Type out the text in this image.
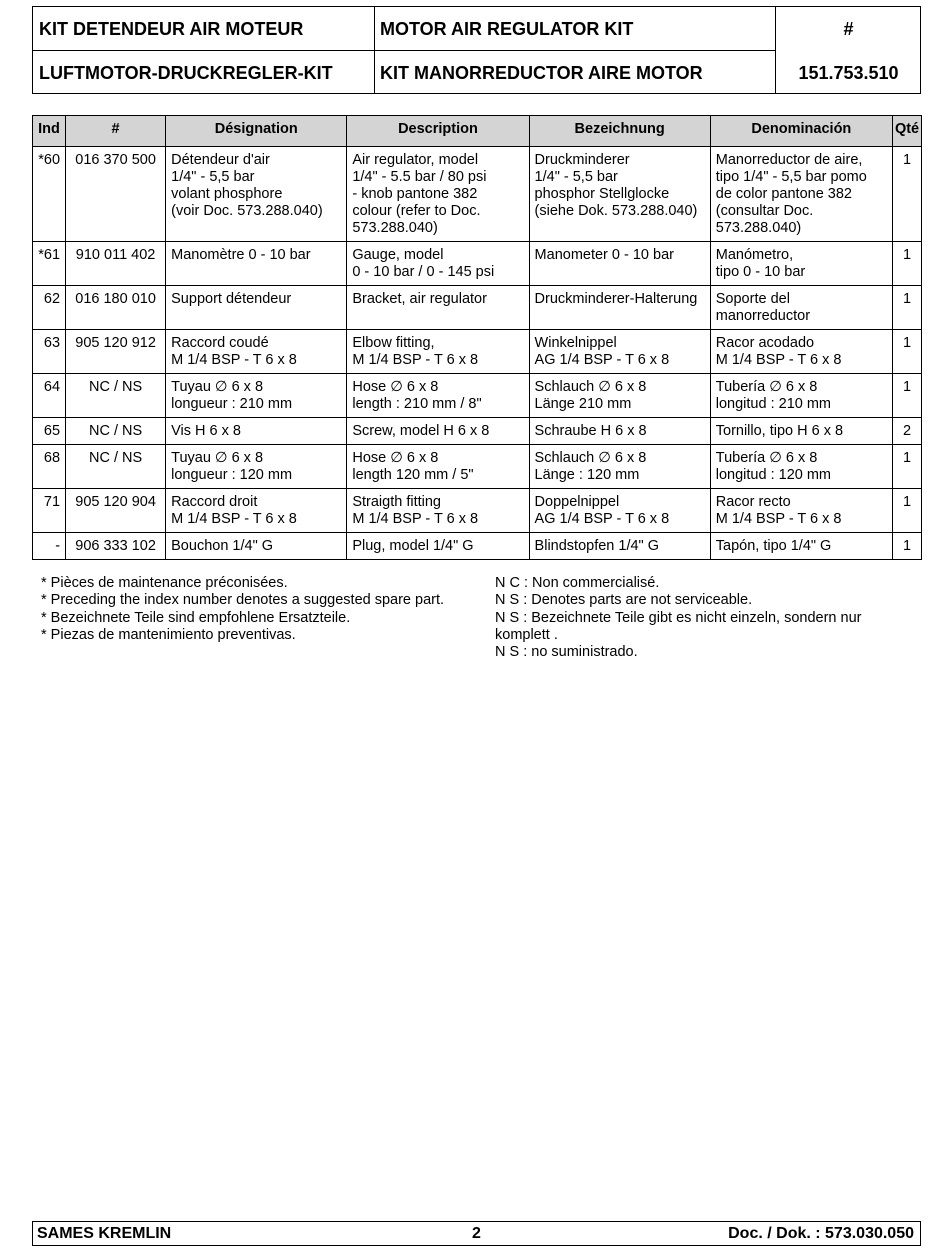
KIT DETENDEUR AIR MOTEUR	MOTOR AIR REGULATOR KIT	#
LUFTMOTOR-DRUCKREGLER-KIT	KIT MANORREDUCTOR AIRE MOTOR	151.753.510
Ind	#	Désignation	Description	Bezeichnung	Denominación	Qté
*60	016 370 500	Détendeur d'air
1/4" - 5,5 bar
volant phosphore
(voir Doc. 573.288.040)	Air regulator, model
1/4" - 5.5 bar / 80 psi
- knob pantone 382
colour (refer to Doc.
573.288.040)	Druckminderer
1/4" - 5,5 bar
phosphor Stellglocke
(siehe Dok. 573.288.040)	Manorreductor de aire,
tipo 1/4" - 5,5 bar pomo
de color pantone 382
(consultar Doc.
573.288.040)	1
*61	910 011 402	Manomètre 0 - 10 bar	Gauge, model
0 - 10 bar / 0 - 145 psi	Manometer 0 - 10 bar	Manómetro,
tipo 0 - 10 bar	1
62	016 180 010	Support détendeur	Bracket, air regulator	Druckminderer-Halterung	Soporte del
manorreductor	1
63	905 120 912	Raccord coudé
M 1/4 BSP - T 6 x 8	Elbow fitting,
M 1/4 BSP - T 6 x 8	Winkelnippel
AG 1/4 BSP - T 6 x 8	Racor acodado
M 1/4 BSP - T 6 x 8	1
64	NC / NS	Tuyau ∅ 6 x 8
longueur : 210 mm	Hose ∅ 6 x 8
length : 210 mm / 8"	Schlauch ∅ 6 x 8
Länge 210 mm	Tubería ∅ 6 x 8
longitud : 210 mm	1
65	NC / NS	Vis H 6 x 8	Screw, model H 6 x 8	Schraube H 6 x 8	Tornillo, tipo H 6 x 8	2
68	NC / NS	Tuyau ∅ 6 x 8
longueur : 120 mm	Hose ∅ 6 x 8
length 120 mm / 5"	Schlauch ∅ 6 x 8
Länge : 120 mm	Tubería ∅ 6 x 8
longitud : 120 mm	1
71	905 120 904	Raccord droit
M 1/4 BSP - T 6 x 8	Straigth fitting
M 1/4 BSP - T 6 x 8	Doppelnippel
AG 1/4 BSP - T 6 x 8	Racor recto
M 1/4 BSP - T 6 x 8	1
-	906 333 102	Bouchon 1/4" G	Plug, model 1/4" G	Blindstopfen 1/4" G	Tapón, tipo 1/4" G	1
* Pièces de maintenance préconisées.
* Preceding the index number denotes a suggested spare part.
* Bezeichnete Teile sind empfohlene Ersatzteile.
* Piezas de mantenimiento preventivas.
N C : Non commercialisé.
N S : Denotes parts are not serviceable.
N S : Bezeichnete Teile gibt es nicht einzeln, sondern nur komplett .
N S : no suministrado.
SAMES KREMLIN	2	Doc. / Dok. : 573.030.050
